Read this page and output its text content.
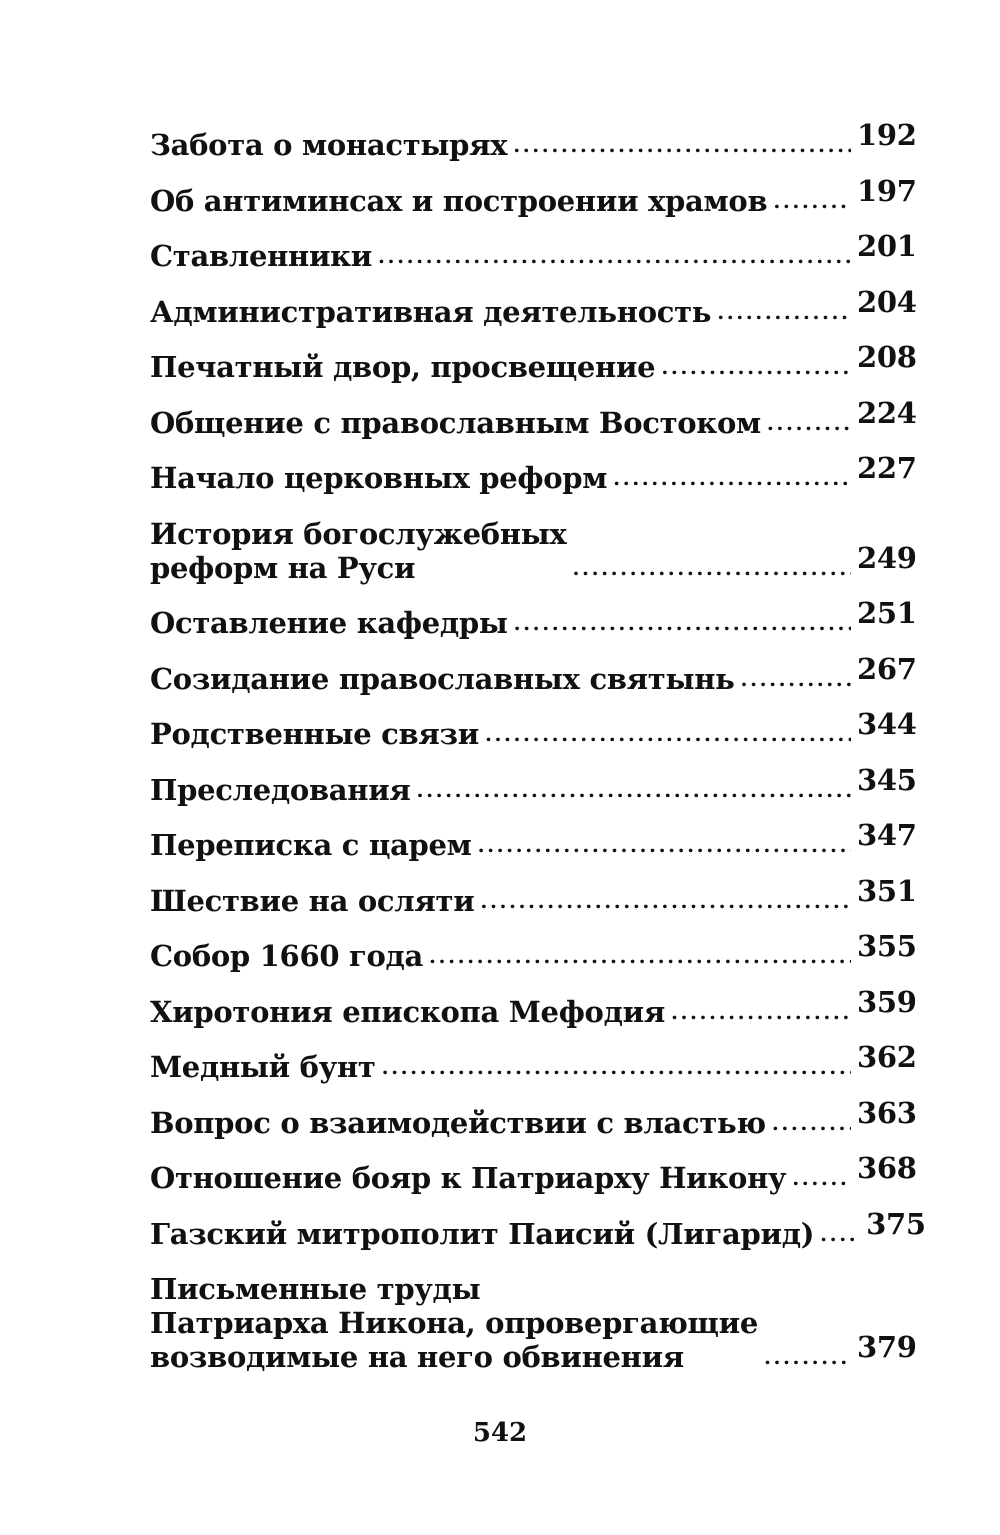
Забота о монастырях . . .	192
Об антиминсах и построении храмов . . .	197
Ставленники . . .	201
Административная деятельность . . .	204
Печатный двор, просвещение . . .	208
Общение с православным Востоком . . .	224
Начало церковных реформ . . .	227
История богослужебных
реформ на Руси . . .	249
Оставление кафедры . . .	251
Созидание православных святынь . . .	267
Родственные связи . . .	344
Преследования . . .	345
Переписка с царем . . .	347
Шествие на осляти . . .	351
Собор 1660 года . . .	355
Хиротония епископа Мефодия . . .	359
Медный бунт . . .	362
Вопрос о взаимодействии с властью . . .	363
Отношение бояр к Патриарху Никону . . . 368
Газский митрополит Паисий (Лигарид) . . . 375
Письменные труды
Патриарха Никона, опровергающие
возводимые на него обвинения . . .	379
542
